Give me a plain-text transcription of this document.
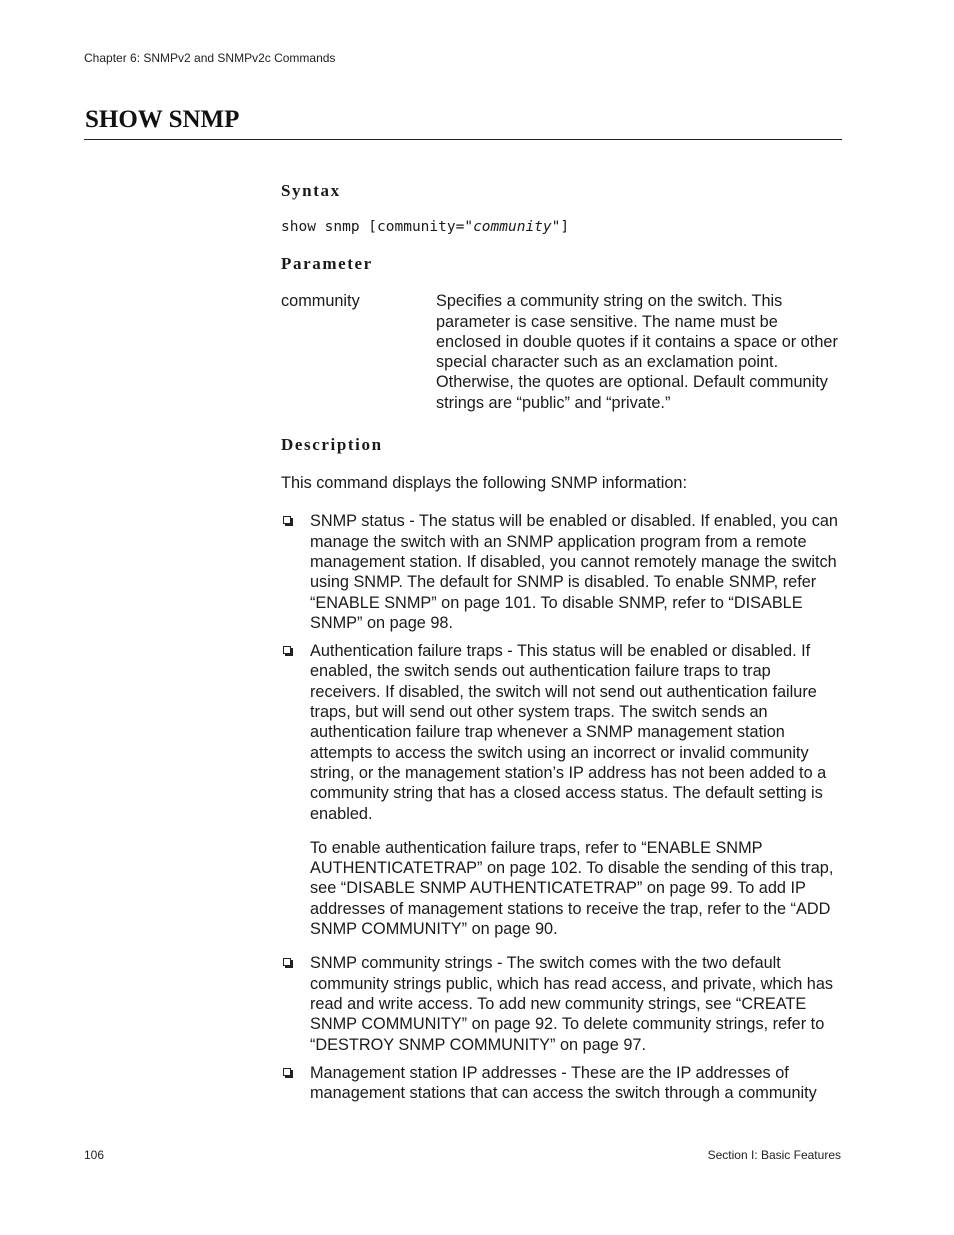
Chapter 6: SNMPv2 and SNMPv2c Commands
SHOW SNMP
Syntax
show snmp [community="community"]
Parameter
community	Specifies a community string on the switch. This parameter is case sensitive. The name must be enclosed in double quotes if it contains a space or other special character such as an exclamation point. Otherwise, the quotes are optional. Default community strings are “public” and “private.”
Description

This command displays the following SNMP information:

SNMP status - The status will be enabled or disabled. If enabled, you can manage the switch with an SNMP application program from a remote management station. If disabled, you cannot remotely manage the switch using SNMP. The default for SNMP is disabled. To enable SNMP, refer “ENABLE SNMP” on page 101. To disable SNMP, refer to “DISABLE SNMP” on page 98.

Authentication failure traps - This status will be enabled or disabled. If enabled, the switch sends out authentication failure traps to trap receivers. If disabled, the switch will not send out authentication failure traps, but will send out other system traps. The switch sends an authentication failure trap whenever a SNMP management station attempts to access the switch using an incorrect or invalid community string, or the management station’s IP address has not been added to a community string that has a closed access status. The default setting is enabled.

To enable authentication failure traps, refer to “ENABLE SNMP AUTHENTICATETRAP” on page 102. To disable the sending of this trap, see “DISABLE SNMP AUTHENTICATETRAP” on page 99. To add IP addresses of management stations to receive the trap, refer to the “ADD SNMP COMMUNITY” on page 90.

SNMP community strings - The switch comes with the two default community strings public, which has read access, and private, which has read and write access. To add new community strings, see “CREATE SNMP COMMUNITY” on page 92. To delete community strings, refer to “DESTROY SNMP COMMUNITY” on page 97.

Management station IP addresses - These are the IP addresses of management stations that can access the switch through a community

106	Section I: Basic Features
